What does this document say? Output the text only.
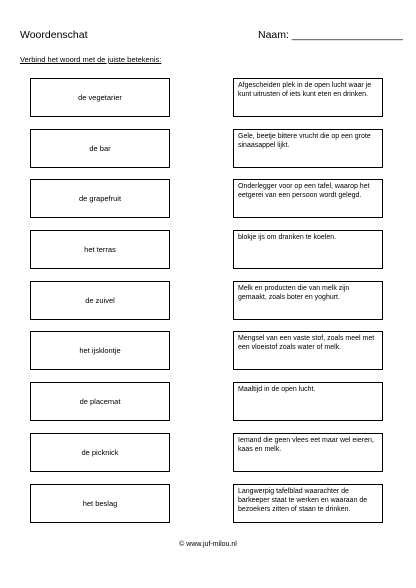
Woordenschat	Naam: ___________________
Verbind het woord met de juiste betekenis:
de vegetarier
de bar
de grapefruit
het terras
de zuivel
het ijsklontje
de placemat
de picknick
het beslag
Afgescheiden plek in de open lucht waar je kunt uitrusten of iets kunt eten en drinken.
Gele, beetje bittere vrucht die op een grote sinaasappel lijkt.
Onderlegger voor op een tafel, waarop het eetgerei van een persoon wordt gelegd.
blokje ijs om dranken te koelen.
Melk en producten die van melk zijn gemaakt, zoals boter en yoghurt.
Mengsel van een vaste stof, zoals meel met een vloeistof zoals water of melk.
Maaltijd in de open lucht.
Iemand die geen vlees eet maar wel eieren, kaas en melk.
Langwerpig tafelblad waarachter de barkeeper staat te werken en waaraan de bezoekers zitten of staan te drinken.
© www.juf-milou.nl
